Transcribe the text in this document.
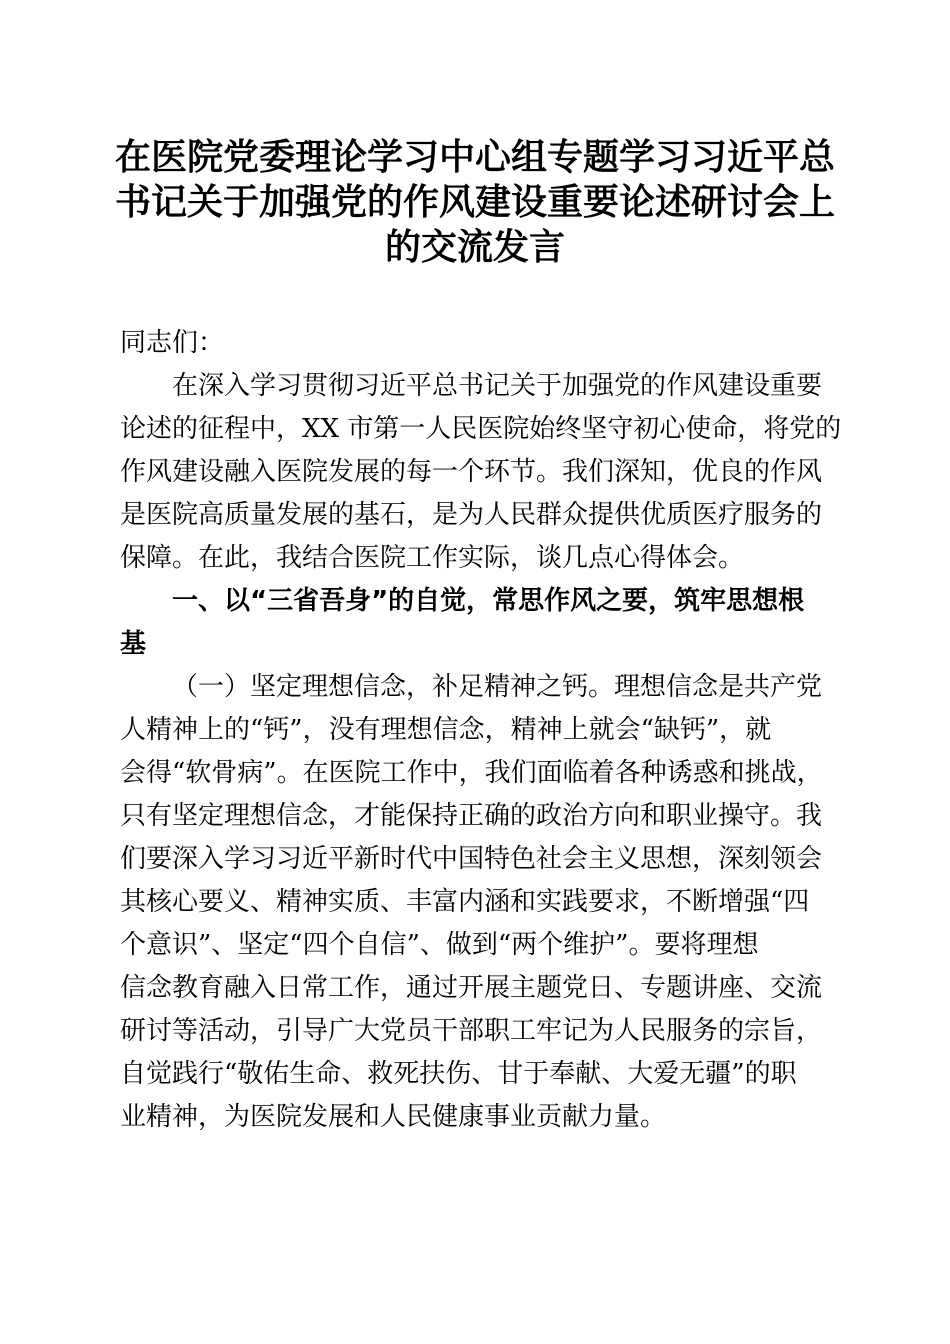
在医院党委理论学习中心组专题学习习近平总
书记关于加强党的作风建设重要论述研讨会上
的交流发言

同志们：

在深入学习贯彻习近平总书记关于加强党的作风建设重要
论述的征程中，XX 市第一人民医院始终坚守初心使命，将党的
作风建设融入医院发展的每一个环节。我们深知，优良的作风
是医院高质量发展的基石，是为人民群众提供优质医疗服务的
保障。在此，我结合医院工作实际，谈几点心得体会。

一、以“三省吾身”的自觉，常思作风之要，筑牢思想根
基

（一）坚定理想信念，补足精神之钙。理想信念是共产党
人精神上的“钙”，没有理想信念，精神上就会“缺钙”，就
会得“软骨病”。在医院工作中，我们面临着各种诱惑和挑战，
只有坚定理想信念，才能保持正确的政治方向和职业操守。我
们要深入学习习近平新时代中国特色社会主义思想，深刻领会
其核心要义、精神实质、丰富内涵和实践要求，不断增强“四
个意识”、坚定“四个自信”、做到“两个维护”。要将理想
信念教育融入日常工作，通过开展主题党日、专题讲座、交流
研讨等活动，引导广大党员干部职工牢记为人民服务的宗旨，
自觉践行“敬佑生命、救死扶伤、甘于奉献、大爱无疆”的职
业精神，为医院发展和人民健康事业贡献力量。
